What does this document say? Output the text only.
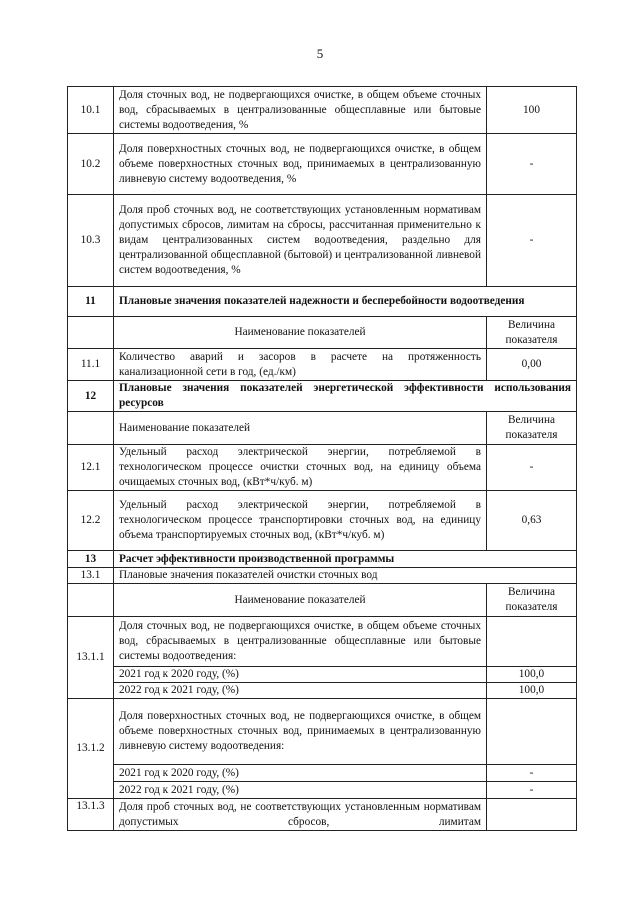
5
10.1	Доля сточных вод, не подвергающихся очистке, в общем объеме сточных вод, сбрасываемых в централизованные общесплавные или бытовые системы водоотведения, %	100
10.2	Доля поверхностных сточных вод, не подвергающихся очистке, в общем объеме поверхностных сточных вод, принимаемых в централизованную ливневую систему водоотведения, %	-
10.3	Доля проб сточных вод, не соответствующих установленным нормативам допустимых сбросов, лимитам на сбросы, рассчитанная применительно к видам централизованных систем водоотведения, раздельно для централизованной общесплавной (бытовой) и централизованной ливневой систем водоотведения, %	-
11	Плановые значения показателей надежности и бесперебойности водоотведения	
	Наименование показателей	Величина показателя
11.1	Количество аварий и засоров в расчете на протяженность канализационной сети в год, (ед./км)	0,00
12	Плановые значения показателей энергетической эффективности использования ресурсов	
	Наименование показателей	Величина показателя
12.1	Удельный расход электрической энергии, потребляемой в технологическом процессе очистки сточных вод, на единицу объема очищаемых сточных вод, (кВт*ч/куб. м)	-
12.2	Удельный расход электрической энергии, потребляемой в технологическом процессе транспортировки сточных вод, на единицу объема транспортируемых сточных вод, (кВт*ч/куб. м)	0,63
13	Расчет эффективности производственной программы	
13.1	Плановые значения показателей очистки сточных вод	
	Наименование показателей	Величина показателя
13.1.1	Доля сточных вод, не подвергающихся очистке, в общем объеме сточных вод, сбрасываемых в централизованные общесплавные или бытовые системы водоотведения:	
	2021 год к 2020 году, (%)	100,0
	2022 год к 2021 году, (%)	100,0
13.1.2	Доля поверхностных сточных вод, не подвергающихся очистке, в общем объеме поверхностных сточных вод, принимаемых в централизованную ливневую систему водоотведения:	
	2021 год к 2020 году, (%)	-
	2022 год к 2021 году, (%)	-
13.1.3	Доля проб сточных вод, не соответствующих установленным нормативам допустимых сбросов, лимитам	
